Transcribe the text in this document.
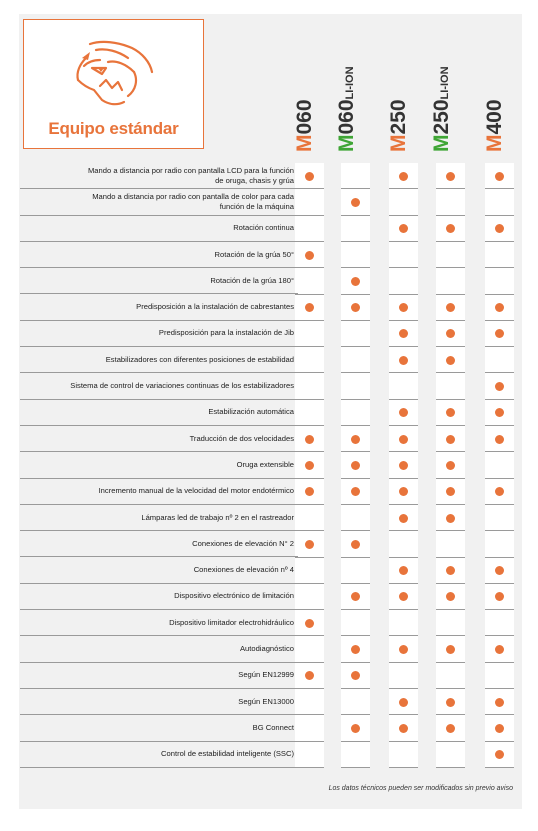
Equipo estándar
Los datos técnicos pueden ser modificados sin previo aviso
M060
M060LI-ION
M250
M250LI-ION
M400
Mando a distancia por radio con pantalla LCD para la función
de oruga, chasis y grúa
Mando a distancia por radio con pantalla de color para cada
función de la máquina
Rotación continua
Rotación de la grúa 50°
Rotación de la grúa 180°
Predisposición a la instalación de cabrestantes
Predisposición para la instalación de Jib
Estabilizadores con diferentes posiciones de estabilidad
Sistema de control de variaciones continuas de los estabilizadores
Estabilización automática
Traducción de dos velocidades
Oruga extensible
Incremento manual de la velocidad del motor endotérmico
Lámparas led de trabajo nº 2 en el rastreador
Conexiones de elevación N° 2
Conexiones de elevación nº 4
Dispositivo electrónico de limitación
Dispositivo limitador electrohidráulico
Autodiagnóstico
Según EN12999
Según EN13000
BG Connect
Control de estabilidad inteligente (SSC)
